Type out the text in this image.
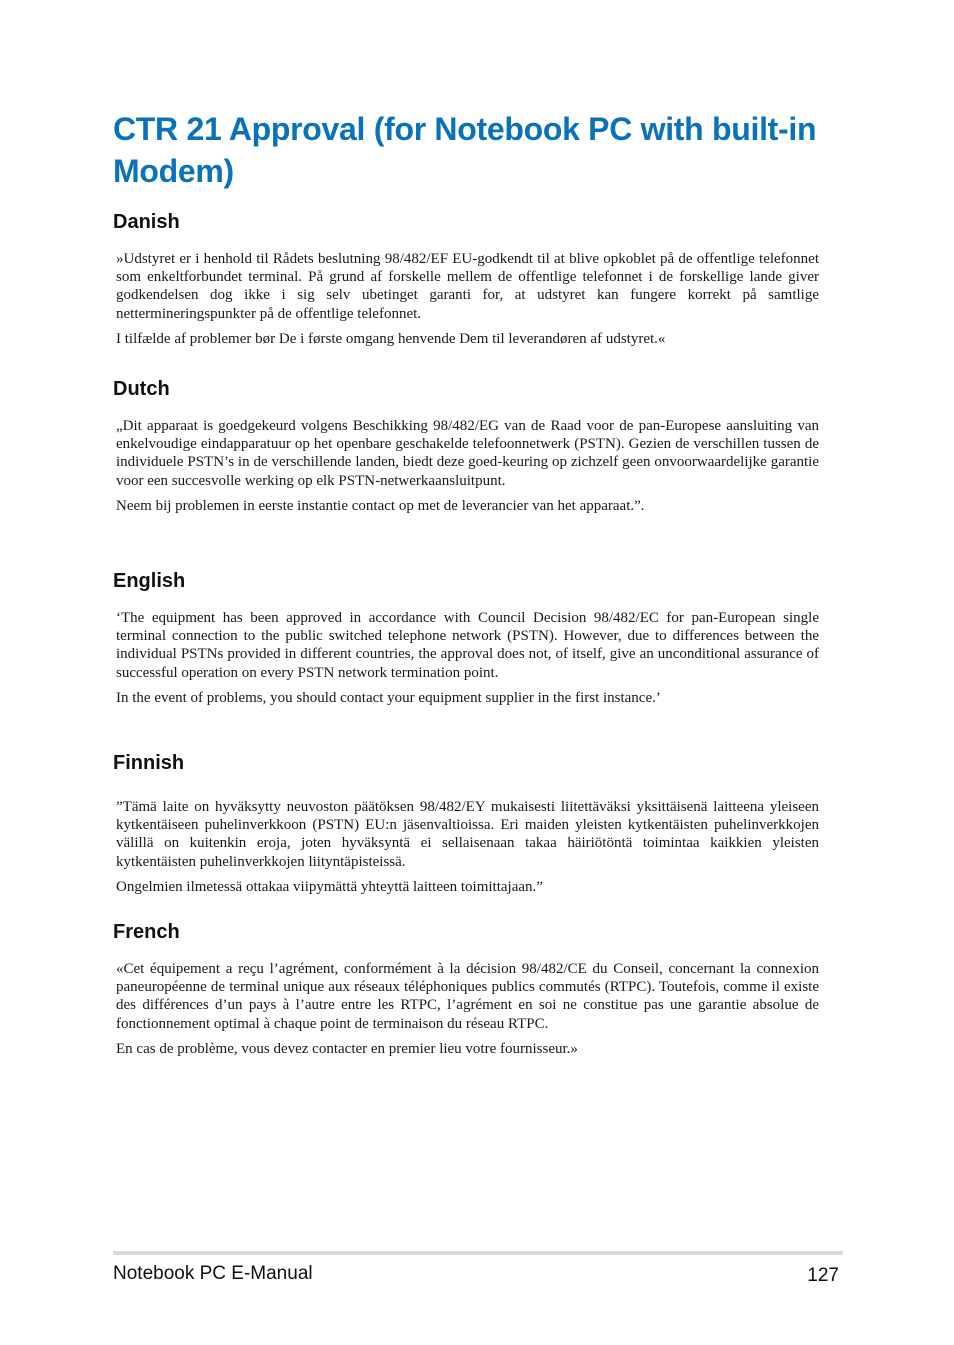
CTR 21 Approval (for Notebook PC with built-in Modem)
Danish

»Udstyret er i henhold til Rådets beslutning 98/482/EF EU-godkendt til at blive opkoblet på de offentlige telefonnet som enkeltforbundet terminal. På grund af forskelle mellem de offentlige telefonnet i de forskellige lande giver godkendelsen dog ikke i sig selv ubetinget garanti for, at udstyret kan fungere korrekt på samtlige nettermineringspunkter på de offentlige telefonnet.

I tilfælde af problemer bør De i første omgang henvende Dem til leverandøren af udstyret.«

Dutch

„Dit apparaat is goedgekeurd volgens Beschikking 98/482/EG van de Raad voor de pan-Europese aansluiting van enkelvoudige eindapparatuur op het openbare geschakelde telefoonnetwerk (PSTN). Gezien de verschillen tussen de individuele PSTN’s in de verschillende landen, biedt deze goed-keuring op zichzelf geen onvoorwaardelijke garantie voor een succesvolle werking op elk PSTN-netwerkaansluitpunt.

Neem bij problemen in eerste instantie contact op met de leverancier van het apparaat.”.

English

‘The equipment has been approved in accordance with Council Decision 98/482/EC for pan-European single terminal connection to the public switched telephone network (PSTN). However, due to differences between the individual PSTNs provided in different countries, the approval does not, of itself, give an unconditional assurance of successful operation on every PSTN network termination point.

In the event of problems, you should contact your equipment supplier in the first instance.’

Finnish

”Tämä laite on hyväksytty neuvoston päätöksen 98/482/EY mukaisesti liitettäväksi yksittäisenä laitteena yleiseen kytkentäiseen puhelinverkkoon (PSTN) EU:n jäsenvaltioissa. Eri maiden yleisten kytkentäisten puhelinverkkojen välillä on kuitenkin eroja, joten hyväksyntä ei sellaisenaan takaa häiriötöntä toimintaa kaikkien yleisten kytkentäisten puhelinverkkojen liityntäpisteissä.

Ongelmien ilmetessä ottakaa viipymättä yhteyttä laitteen toimittajaan.”

French

«Cet équipement a reçu l’agrément, conformément à la décision 98/482/CE du Conseil, concernant la connexion paneuropéenne de terminal unique aux réseaux téléphoniques publics commutés (RTPC). Toutefois, comme il existe des différences d’un pays à l’autre entre les RTPC, l’agrément en soi ne constitue pas une garantie absolue de fonctionnement optimal à chaque point de terminaison du réseau RTPC.

En cas de problème, vous devez contacter en premier lieu votre fournisseur.»

Notebook PC E-Manual	127
